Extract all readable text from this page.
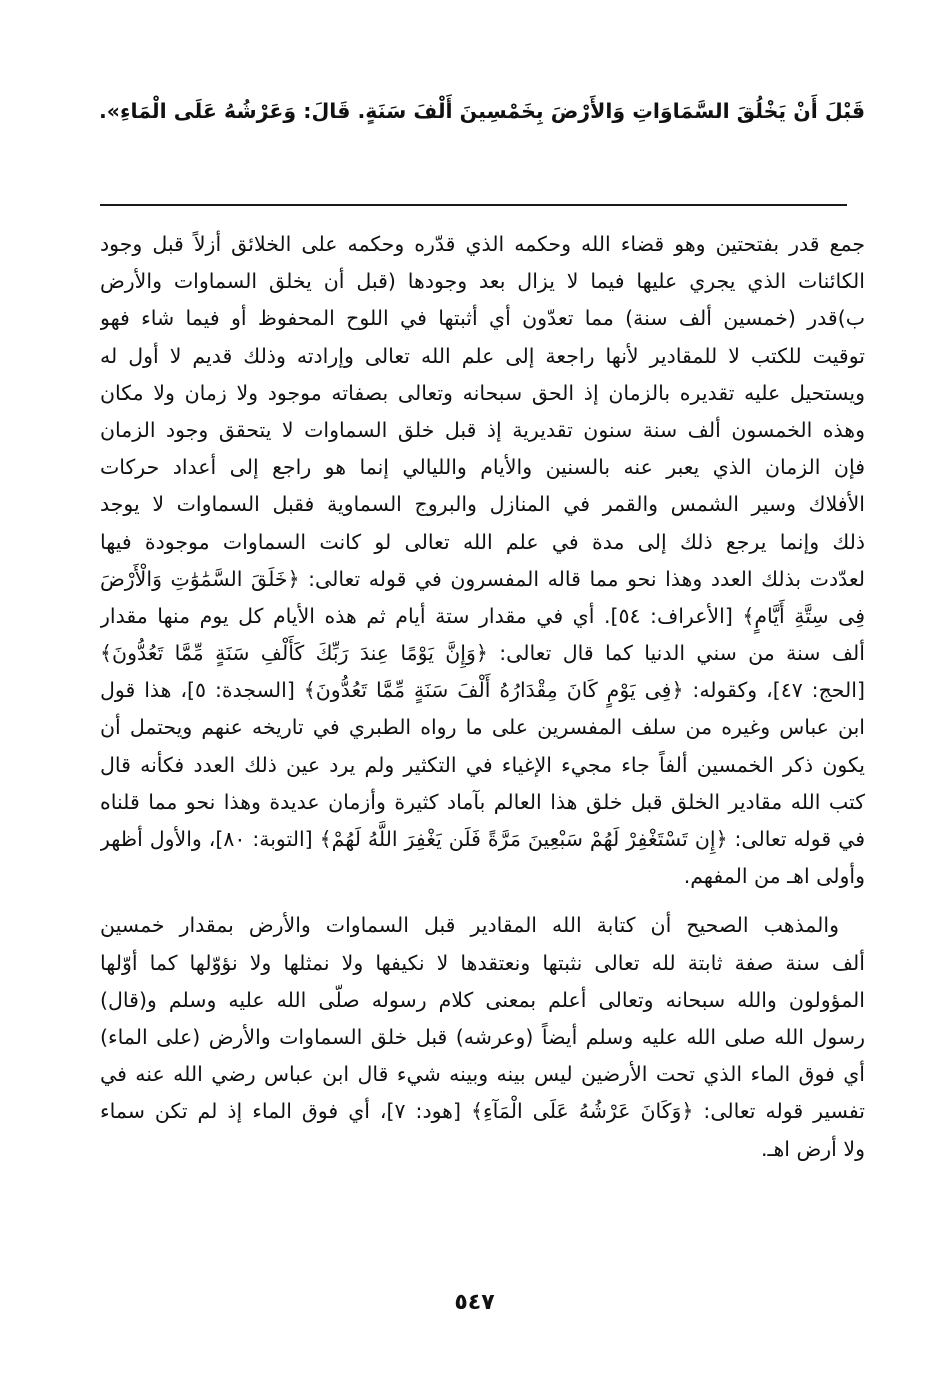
قَبْلَ أَنْ يَخْلُقَ السَّمَاوَاتِ وَالأَرْضَ بِخَمْسِينَ أَلْفَ سَنَةٍ. قَالَ: وَعَرْشُهُ عَلَى الْمَاءِ».
جمع قدر بفتحتين وهو قضاء الله وحكمه الذي قدّره وحكمه على الخلائق أزلاً قبل وجود
الكائنات الذي يجري عليها فيما لا يزال بعد وجودها (قبل أن يخلق السماوات والأرض
ب)قدر (خمسين ألف سنة) مما تعدّون أي أثبتها في اللوح المحفوظ أو فيما شاء فهو
توقيت للكتب لا للمقادير لأنها راجعة إلى علم الله تعالى وإرادته وذلك قديم لا أول له
ويستحيل عليه تقديره بالزمان إذ الحق سبحانه وتعالى بصفاته موجود ولا زمان ولا مكان
وهذه الخمسون ألف سنة سنون تقديرية إذ قبل خلق السماوات لا يتحقق وجود الزمان
فإن الزمان الذي يعبر عنه بالسنين والأيام والليالي إنما هو راجع إلى أعداد حركات
الأفلاك وسير الشمس والقمر في المنازل والبروج السماوية فقبل السماوات لا يوجد
ذلك وإنما يرجع ذلك إلى مدة في علم الله تعالى لو كانت السماوات موجودة فيها
لعدّدت بذلك العدد وهذا نحو مما قاله المفسرون في قوله تعالى: ﴿خَلَقَ السَّمَٰوَٰتِ وَالْأَرْضَ
فِى سِتَّةِ أَيَّامٍ﴾ [الأعراف: ٥٤]. أي في مقدار ستة أيام ثم هذه الأيام كل يوم منها مقدار
ألف سنة من سني الدنيا كما قال تعالى: ﴿وَإِنَّ يَوْمًا عِندَ رَبِّكَ كَأَلْفِ سَنَةٍ مِّمَّا تَعُدُّونَ﴾
[الحج: ٤٧]، وكقوله: ﴿فِى يَوْمٍ كَانَ مِقْدَارُهُ أَلْفَ سَنَةٍ مِّمَّا تَعُدُّونَ﴾ [السجدة: ٥]، هذا قول
ابن عباس وغيره من سلف المفسرين على ما رواه الطبري في تاريخه عنهم ويحتمل أن
يكون ذكر الخمسين ألفاً جاء مجيء الإغياء في التكثير ولم يرد عين ذلك العدد فكأنه قال
كتب الله مقادير الخلق قبل خلق هذا العالم بآماد كثيرة وأزمان عديدة وهذا نحو مما قلناه
في قوله تعالى: ﴿إِن تَسْتَغْفِرْ لَهُمْ سَبْعِينَ مَرَّةً فَلَن يَغْفِرَ اللَّهُ لَهُمْ﴾ [التوبة: ٨٠]، والأول أظهر
وأولى اهـ من المفهم.
والمذهب الصحيح أن كتابة الله المقادير قبل السماوات والأرض بمقدار خمسين
ألف سنة صفة ثابتة لله تعالى نثبتها ونعتقدها لا نكيفها ولا نمثلها ولا نؤوّلها كما أوّلها
المؤولون والله سبحانه وتعالى أعلم بمعنى كلام رسوله صلّى الله عليه وسلم و(قال)
رسول الله صلى الله عليه وسلم أيضاً (وعرشه) قبل خلق السماوات والأرض (على الماء)
أي فوق الماء الذي تحت الأرضين ليس بينه وبينه شيء قال ابن عباس رضي الله عنه في
تفسير قوله تعالى: ﴿وَكَانَ عَرْشُهُ عَلَى الْمَآءِ﴾ [هود: ٧]، أي فوق الماء إذ لم تكن سماء
ولا أرض اهـ.
٥٤٧
